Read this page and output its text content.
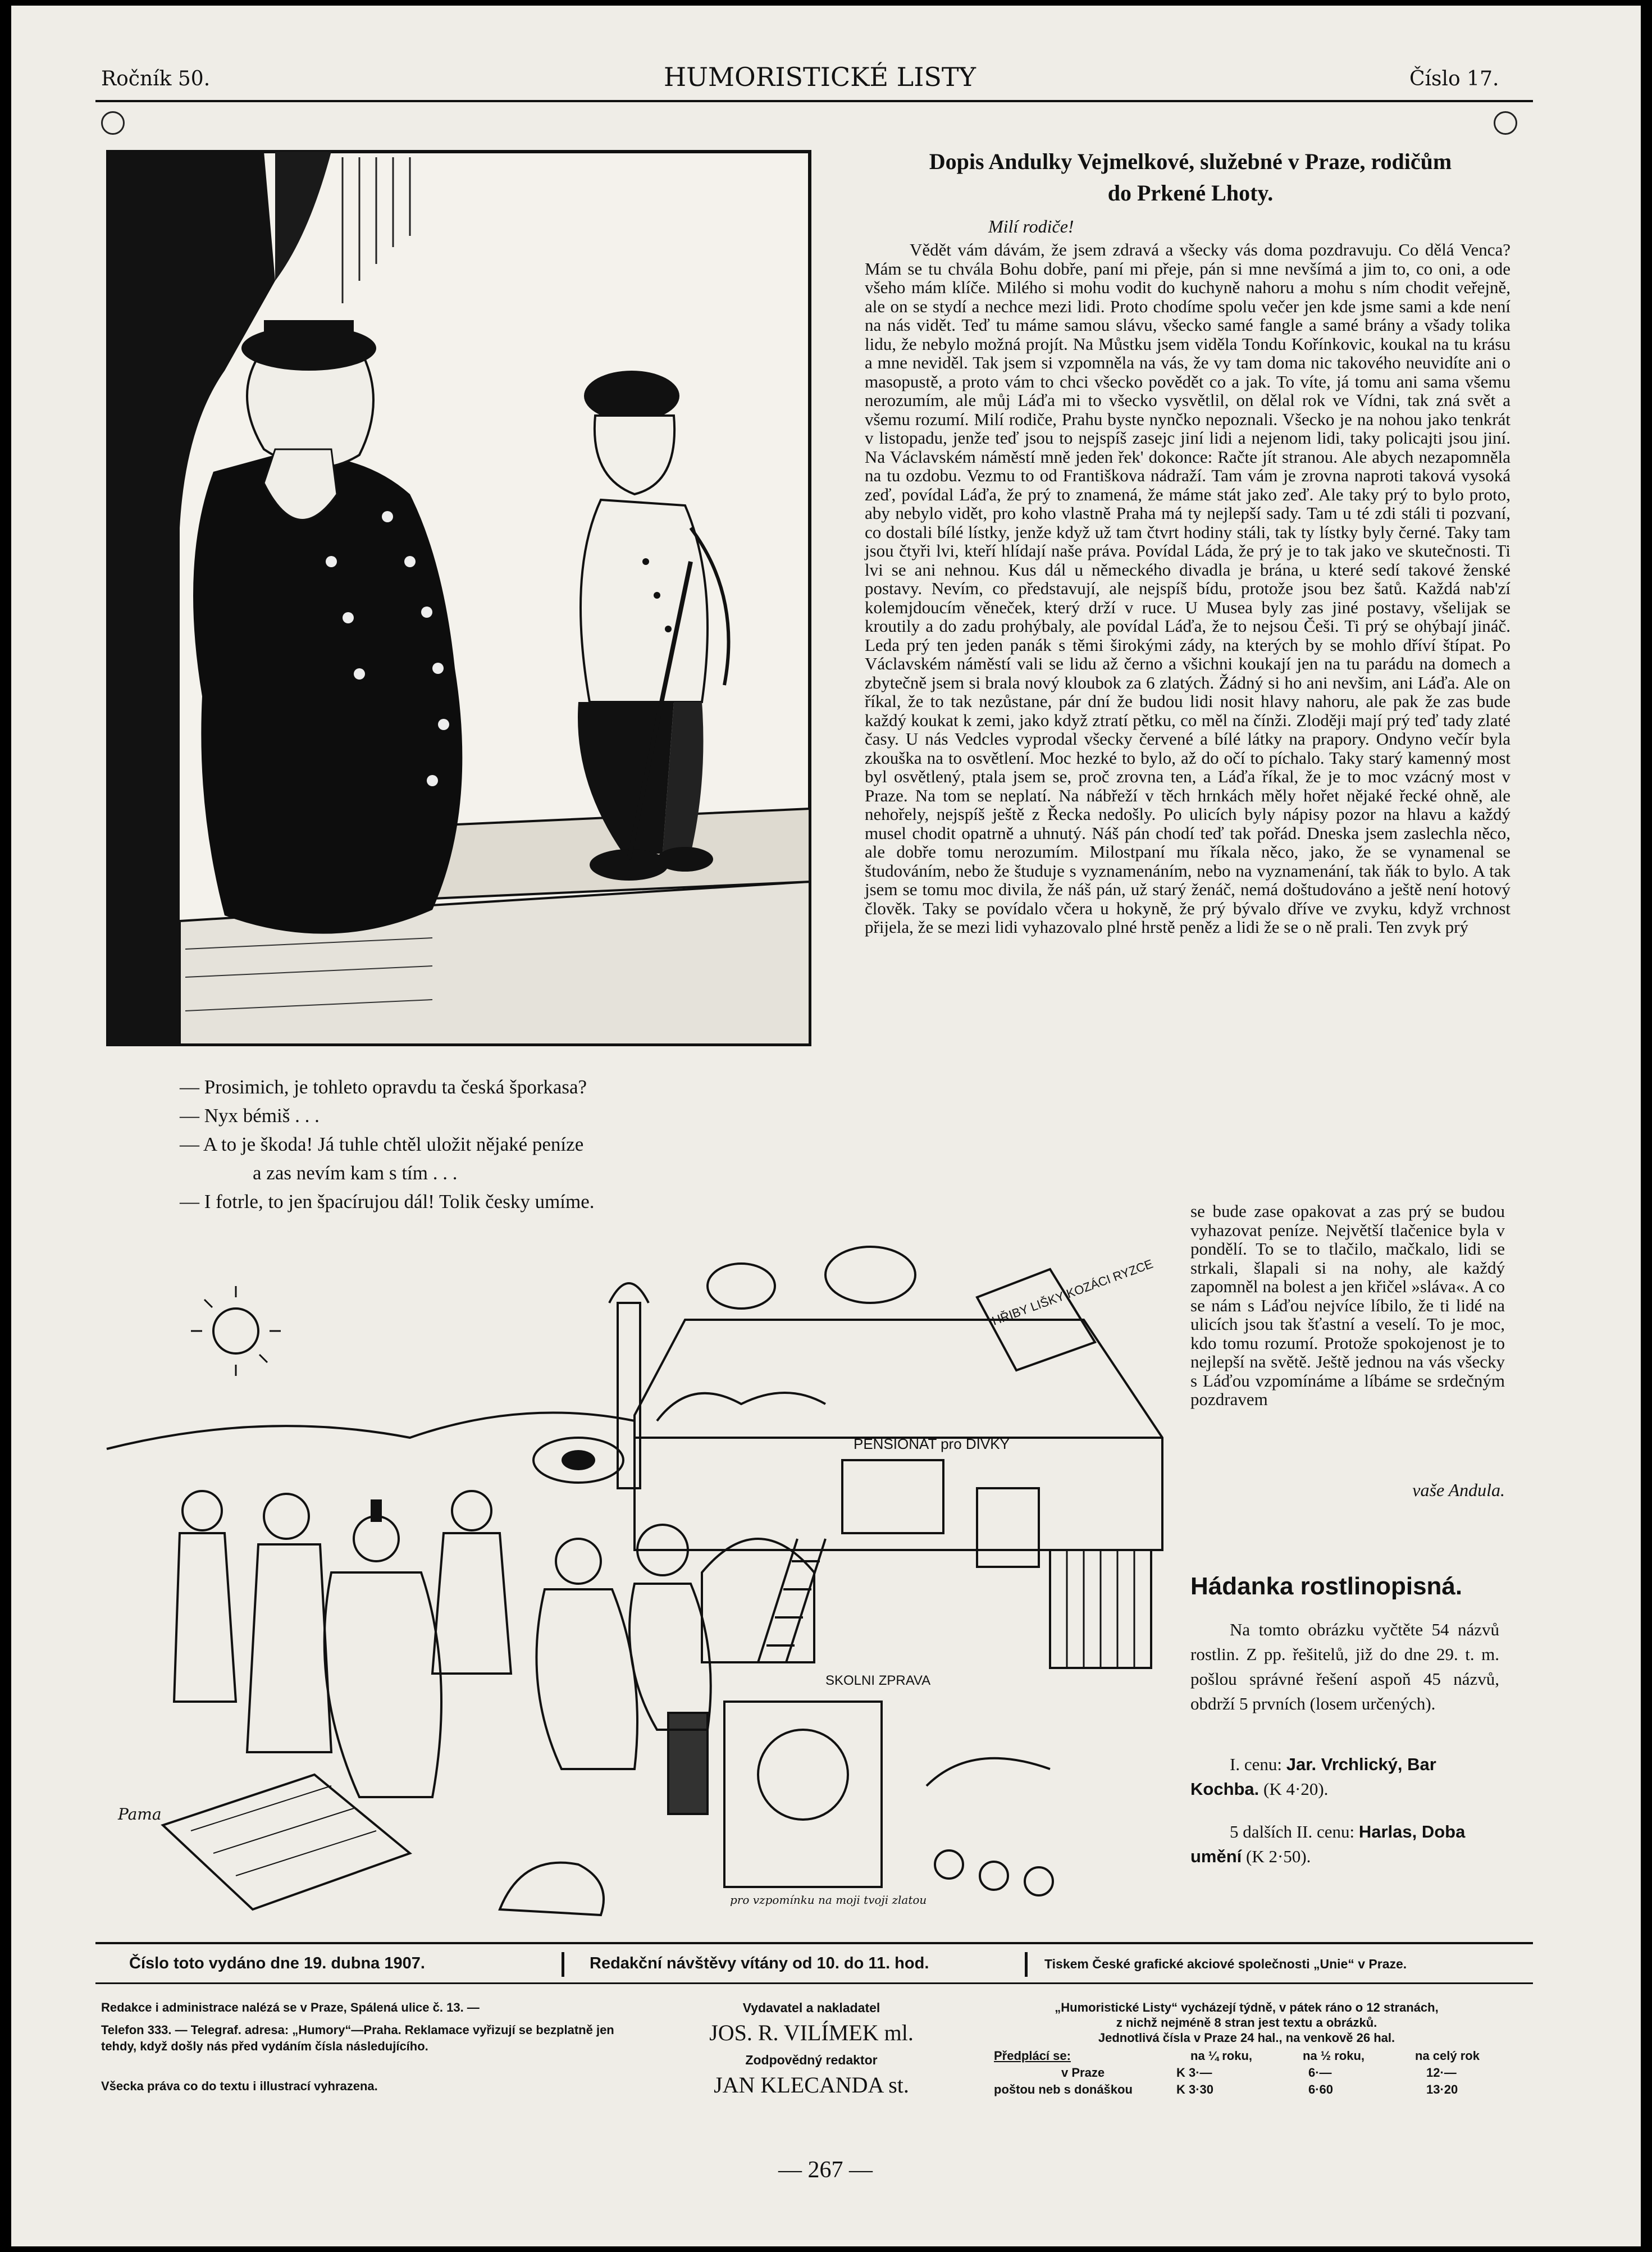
Ročník 50.	HUMORISTICKÉ LISTY	Číslo 17.
— Prosimich, je tohleto opravdu ta česká šporkasa?
— Nyx bémiš . . .
— A to je škoda! Já tuhle chtěl uložit nějaké peníze
a zas nevím kam s tím . . .
— I fotrle, to jen špacírujou dál! Tolik česky umíme.
Dopis Andulky Vejmelkové, služebné v Praze, rodičům
do Prkené Lhoty.
Milí rodiče!
Vědět vám dávám, že jsem zdravá a všecky vás doma pozdravuju. Co dělá Venca? Mám se tu chvála Bohu dobře, paní mi přeje, pán si mne nevšímá a jim to, co oni, a ode všeho mám klíče. Milého si mohu vodit do kuchyně nahoru a mohu s ním chodit veřejně, ale on se stydí a nechce mezi lidi. Proto chodíme spolu večer jen kde jsme sami a kde není na nás vidět. Teď tu máme samou slávu, všecko samé fangle a samé brány a všady tolika lidu, že nebylo možná projít. Na Můstku jsem viděla Tondu Kořínkovic, koukal na tu krásu a mne neviděl. Tak jsem si vzpomněla na vás, že vy tam doma nic takového neuvidíte ani o masopustě, a proto vám to chci všecko povědět co a jak. To víte, já tomu ani sama všemu nerozumím, ale můj Láďa mi to všecko vysvětlil, on dělal rok ve Vídni, tak zná svět a všemu rozumí. Milí rodiče, Prahu byste nynčko nepoznali. Všecko je na nohou jako tenkrát v listopadu, jenže teď jsou to nejspíš zasejc jiní lidi a nejenom lidi, taky policajti jsou jiní. Na Václavském náměstí mně jeden řek' dokonce: Račte jít stranou. Ale abych nezapomněla na tu ozdobu. Vezmu to od Františkova nádraží. Tam vám je zrovna naproti taková vysoká zeď, povídal Láďa, že prý to znamená, že máme stát jako zeď. Ale taky prý to bylo proto, aby nebylo vidět, pro koho vlastně Praha má ty nejlepší sady. Tam u té zdi stáli ti pozvaní, co dostali bílé lístky, jenže když už tam čtvrt hodiny stáli, tak ty lístky byly černé. Taky tam jsou čtyři lvi, kteří hlídají naše práva. Povídal Láda, že prý je to tak jako ve skutečnosti. Ti lvi se ani nehnou. Kus dál u německého divadla je brána, u které sedí takové ženské postavy. Nevím, co představují, ale nejspíš bídu, protože jsou bez šatů. Každá nab'zí kolemjdoucím věneček, který drží v ruce. U Musea byly zas jiné postavy, všelijak se kroutily a do zadu prohýbaly, ale povídal Láďa, že to nejsou Češi. Ti prý se ohýbají jináč. Leda prý ten jeden panák s těmi širokými zády, na kterých by se mohlo dříví štípat. Po Václavském náměstí vali se lidu až černo a všichni koukají jen na tu parádu na domech a zbytečně jsem si brala nový kloubok za 6 zlatých. Žádný si ho ani nevšim, ani Láďa. Ale on říkal, že to tak nezůstane, pár dní že budou lidi nosit hlavy nahoru, ale pak že zas bude každý koukat k zemi, jako když ztratí pětku, co měl na čínži. Zloději mají prý teď tady zlaté časy. U nás Vedcles vyprodal všecky červené a bílé látky na prapory. Ondyno večír byla zkouška na to osvětlení. Moc hezké to bylo, až do očí to píchalo. Taky starý kamenný most byl osvětlený, ptala jsem se, proč zrovna ten, a Láďa říkal, že je to moc vzácný most v Praze. Na tom se neplatí. Na nábřeží v těch hrnkách měly hořet nějaké řecké ohně, ale nehořely, nejspíš ještě z Řecka nedošly. Po ulicích byly nápisy pozor na hlavu a každý musel chodit opatrně a uhnutý. Náš pán chodí teď tak pořád. Dneska jsem zaslechla něco, ale dobře tomu nerozumím. Milostpaní mu říkala něco, jako, že se vynamenal se študováním, nebo že študuje s vyznamenáním, nebo na vyznamenání, tak ňák to bylo. A tak jsem se tomu moc divila, že náš pán, už starý ženáč, nemá doštudováno a ještě není hotový člověk. Taky se povídalo včera u hokyně, že prý bývalo dříve ve zvyku, když vrchnost přijela, že se mezi lidi vyhazovalo plné hrstě peněz a lidi že se o ně prali. Ten zvyk prý
se bude zase opakovat a zas prý se budou vyhazovat peníze. Největší tlačenice byla v pondělí. To se to tlačilo, mačkalo, lidi se strkali, šlapali si na nohy, ale každý zapomněl na bolest a jen křičel »sláva«. A co se nám s Láďou nejvíce líbilo, že ti lidé na ulicích jsou tak šťastní a veselí. To je moc, kdo tomu rozumí. Protože spokojenost je to nejlepší na světě. Ještě jednou na vás všecky s Láďou vzpomínáme a líbáme se srdečným pozdravem
vaše Andula.
PENSIONAT pro DIVKY
HŘIBY LIŠKY KOZÁCI RYZCE
pro vzpomínku na moji tvoji zlatou
SKOLNI ZPRAVA
Pama
Hádanka rostlinopisná.
Na tomto obrázku vyčtěte 54 názvů rostlin. Z pp. řešitelů, již do dne 29. t. m. pošlou správné řešení aspoň 45 názvů, obdrží 5 prvních (losem určených).
I. cenu: Jar. Vrchlický, Bar Kochba. (K 4·20).
5 dalších II. cenu: Harlas, Doba umění (K 2·50).
Číslo toto vydáno dne 19. dubna 1907.	Redakční návštěvy vítány od 10. do 11. hod.	Tiskem České grafické akciové společnosti „Unie“ v Praze.
Redakce i administrace nalézá se v Praze, Spálená ulice č. 13. —
Telefon 333. — Telegraf. adresa: „Humory“—Praha. Reklamace vyřizují se bezplatně jen tehdy, když došly nás před vydáním čísla následujícího.
Všecka práva co do textu i illustrací vyhrazena.
Vydavatel a nakladatel
JOS. R. VILÍMEK ml.
Zodpovědný redaktor
JAN KLECANDA st.
„Humoristické Listy“ vycházejí týdně, v pátek ráno o 12 stranách,
z nichž nejméně 8 stran jest textu a obrázků.
Jednotlivá čísla v Praze 24 hal., na venkově 26 hal.
Předplácí se:	na ¼ roku,	na ½ roku,	na celý rok
v Praze	K 3·—	6·—	12·—
poštou neb s donáškou	K 3·30	6·60	13·20
— 267 —
